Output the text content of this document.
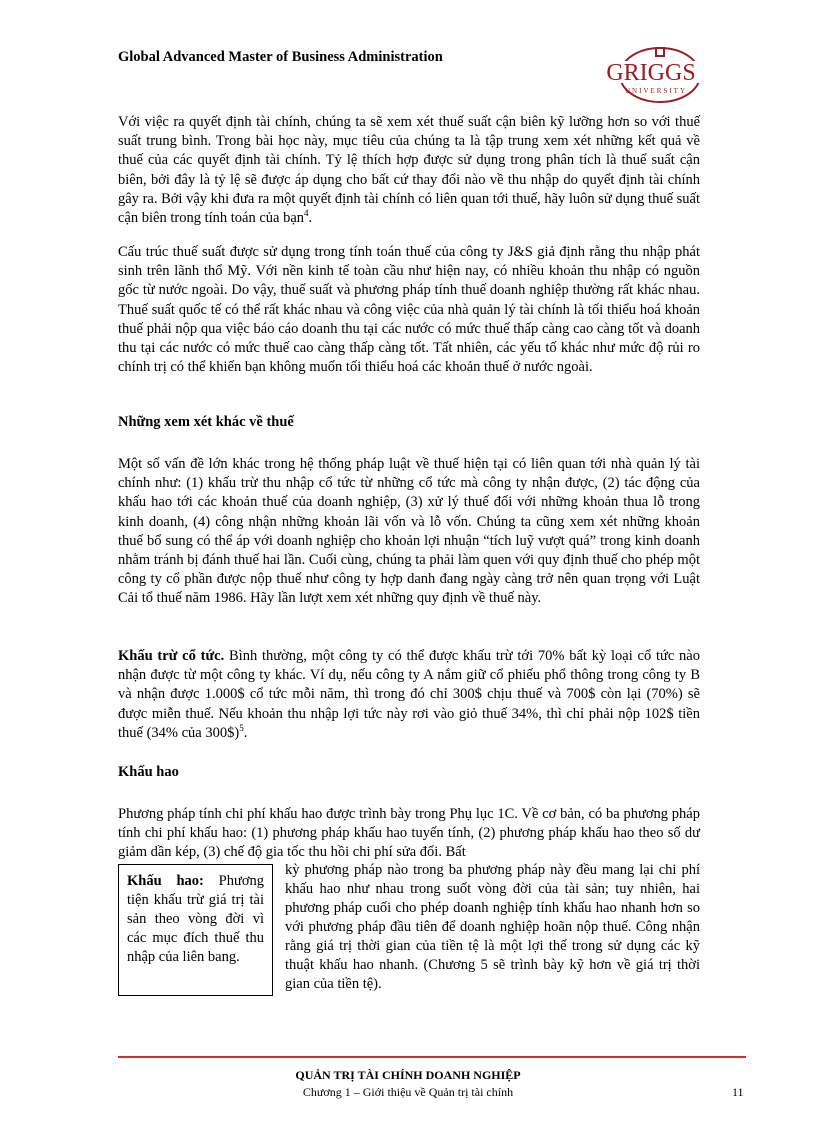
Global Advanced Master of Business Administration
GRIGGS
UNIVERSITY
Với việc ra quyết định tài chính, chúng ta sẽ xem xét thuế suất cận biên kỹ lưỡng hơn so với thuế suất trung bình. Trong bài học này, mục tiêu của chúng ta là tập trung xem xét những kết quả về thuế của các quyết định tài chính. Tỷ lệ thích hợp được sử dụng trong phân tích là thuế suất cận biên, bởi đây là tỷ lệ sẽ được áp dụng cho bất cứ thay đổi nào về thu nhập do quyết định tài chính gây ra. Bởi vậy khi đưa ra một quyết định tài chính có liên quan tới thuế, hãy luôn sử dụng thuế suất cận biên trong tính toán của bạn$^4$.

Cấu trúc thuế suất được sử dụng trong tính toán thuế của công ty J&S giả định rằng thu nhập phát sinh trên lãnh thổ Mỹ. Với nền kinh tế toàn cầu như hiện nay, có nhiều khoản thu nhập có nguồn gốc từ nước ngoài. Do vậy, thuế suất và phương pháp tính thuế doanh nghiệp thường rất khác nhau. Thuế suất quốc tế có thể rất khác nhau và công việc của nhà quản lý tài chính là tối thiểu hoá khoản thuế phải nộp qua việc báo cáo doanh thu tại các nước có mức thuế thấp càng cao càng tốt và doanh thu tại các nước có mức thuế cao càng thấp càng tốt. Tất nhiên, các yếu tố khác như mức độ rủi ro chính trị có thể khiến bạn không muốn tối thiểu hoá các khoản thuế ở nước ngoài.

Những xem xét khác về thuế

Một số vấn đề lớn khác trong hệ thống pháp luật về thuế hiện tại có liên quan tới nhà quản lý tài chính như: (1) khấu trừ thu nhập cổ tức từ những cổ tức mà công ty nhận được, (2) tác động của khấu hao tới các khoản thuế của doanh nghiệp, (3) xử lý thuế đối với những khoản thua lỗ trong kinh doanh, (4) công nhận những khoản lãi vốn và lỗ vốn. Chúng ta cũng xem xét những khoản thuế bổ sung có thể áp với doanh nghiệp cho khoản lợi nhuận “tích luỹ vượt quá” trong kinh doanh nhằm tránh bị đánh thuế hai lần. Cuối cùng, chúng ta phải làm quen với quy định thuế cho phép một công ty cổ phần được nộp thuế như công ty hợp danh đang ngày càng trở nên quan trọng với Luật Cải tổ thuế năm 1986. Hãy lần lượt xem xét những quy định về thuế này.

Khấu trừ cổ tức. Bình thường, một công ty có thể được khấu trừ tới 70% bất kỳ loại cổ tức nào nhận được từ một công ty khác. Ví dụ, nếu công ty A nắm giữ cổ phiếu phổ thông trong công ty B và nhận được 1.000$ cổ tức mỗi năm, thì trong đó chỉ 300$ chịu thuế và 700$ còn lại (70%) sẽ được miễn thuế. Nếu khoản thu nhập lợi tức này rơi vào giỏ thuế 34%, thì chỉ phải nộp 102$ tiền thuế (34% của 300$)$^5$.

Khấu hao

Phương pháp tính chi phí khấu hao được trình bày trong Phụ lục 1C. Về cơ bản, có ba phương pháp tính chi phí khấu hao: (1) phương pháp khấu hao tuyến tính, (2) phương pháp khấu hao theo số dư giảm dần kép, (3) chế độ gia tốc thu hồi chi phí sửa đổi. Bất

Khấu hao: Phương tiện khấu trừ giá trị tài sản theo vòng đời vì các mục đích thuế thu nhập của liên bang.

kỳ phương pháp nào trong ba phương pháp này đều mang lại chi phí khấu hao như nhau trong suốt vòng đời của tài sản; tuy nhiên, hai phương pháp cuối cho phép doanh nghiệp tính khấu hao nhanh hơn so với phương pháp đầu tiên để doanh nghiệp hoãn nộp thuế. Công nhận rằng giá trị thời gian của tiền tệ là một lợi thế trong sử dụng các kỹ thuật khấu hao nhanh. (Chương 5 sẽ trình bày kỹ hơn về giá trị thời gian của tiền tệ).

QUẢN TRỊ TÀI CHÍNH DOANH NGHIỆP
Chương 1 – Giới thiệu về Quản trị tài chính	11
